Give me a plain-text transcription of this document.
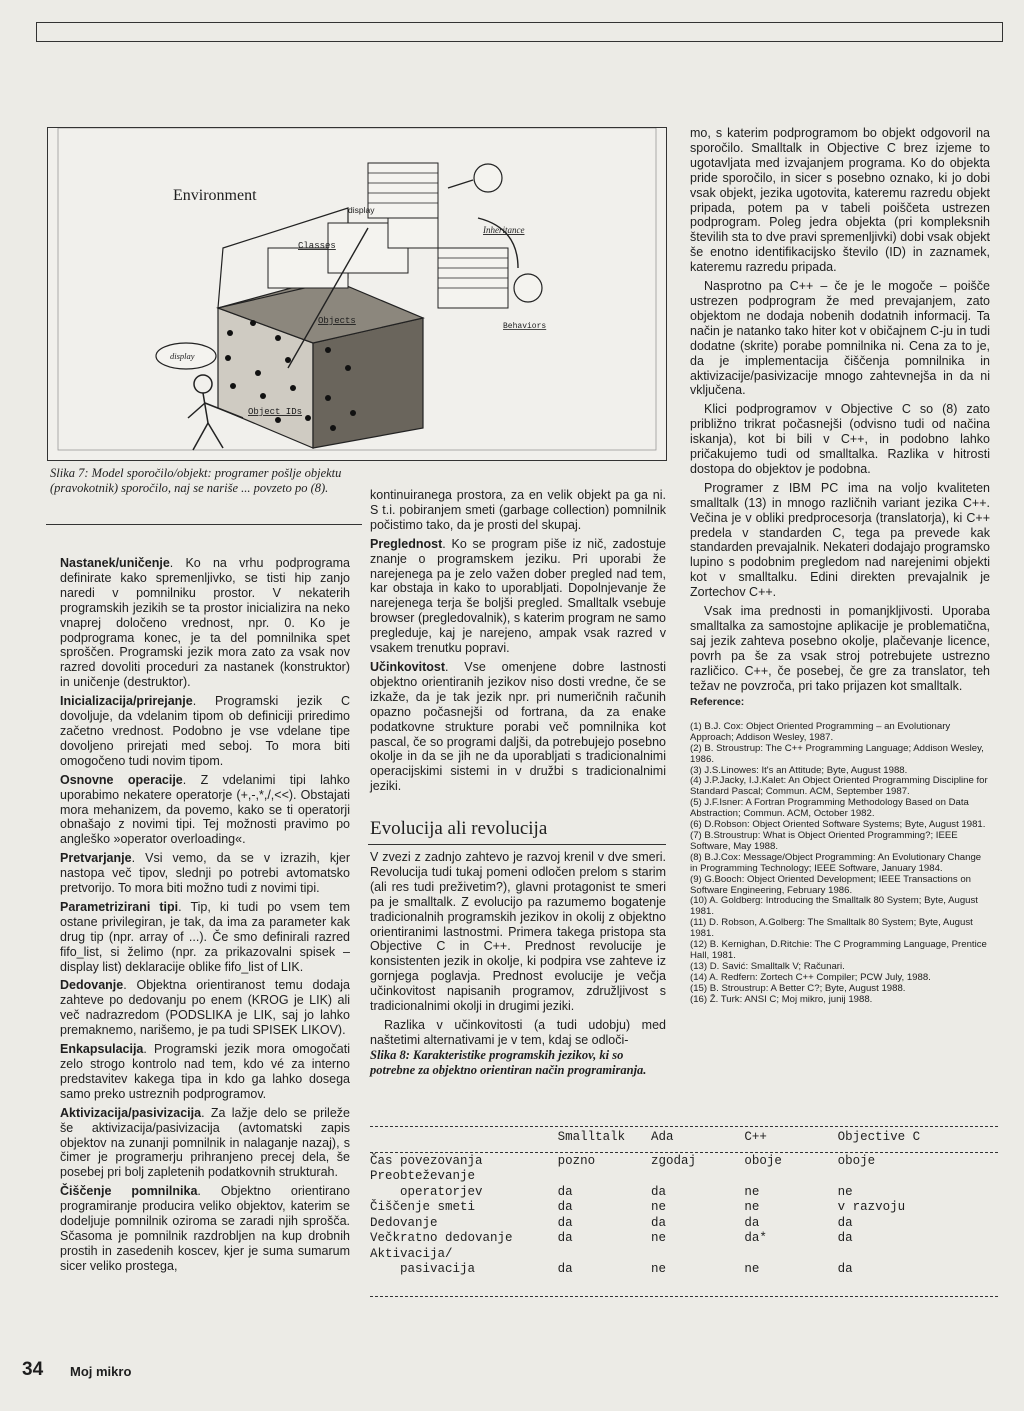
Environment
display
Classes
Inheritance
Objects
Behaviors
Object IDs
display
Slika 7: Model sporočilo/objekt: programer pošlje objektu (pravokotnik) sporočilo, naj se nariše ... povzeto po (8).

Nastanek/uničenje. Ko na vrhu podprograma definirate kako spremenljivko, se tisti hip zanjo naredi v pomnilniku prostor. V nekaterih programskih jezikih se ta prostor inicializira na neko vnaprej določeno vrednost, npr. 0. Ko je podprograma konec, je ta del pomnilnika spet sproščen. Programski jezik mora zato za vsak nov razred dovoliti proceduri za nastanek (konstruktor) in uničenje (destruktor).

Inicializacija/prirejanje. Programski jezik C dovoljuje, da vdelanim tipom ob definiciji priredimo začetno vrednost. Podobno je vse vdelane tipe dovoljeno prirejati med seboj. To mora biti omogočeno tudi novim tipom.

Osnovne operacije. Z vdelanimi tipi lahko uporabimo nekatere operatorje (+,-,*,/,<<). Obstajati mora mehanizem, da povemo, kako se ti operatorji obnašajo z novimi tipi. Tej možnosti pravimo po angleško »operator overloading«.

Pretvarjanje. Vsi vemo, da se v izrazih, kjer nastopa več tipov, slednji po potrebi avtomatsko pretvorijo. To mora biti možno tudi z novimi tipi.

Parametrizirani tipi. Tip, ki tudi po vsem tem ostane privilegiran, je tak, da ima za parameter kak drug tip (npr. array of ...). Če smo definirali razred fifo_list, si želimo (npr. za prikazovalni spisek – display list) deklaracije oblike fifo_list of LIK.

Dedovanje. Objektna orientiranost temu dodaja zahteve po dedovanju po enem (KROG je LIK) ali več nadrazredom (PODSLIKA je LIK, saj jo lahko premaknemo, narišemo, je pa tudi SPISEK LIKOV).

Enkapsulacija. Programski jezik mora omogočati zelo strogo kontrolo nad tem, kdo vé za interno predstavitev kakega tipa in kdo ga lahko dosega samo preko ustreznih podprogramov.

Aktivizacija/pasivizacija. Za lažje delo se prileže še aktivizacija/pasivizacija (avtomatski zapis objektov na zunanji pomnilnik in nalaganje nazaj), s čimer je programerju prihranjeno precej dela, še posebej pri bolj zapletenih podatkovnih strukturah.

Čiščenje pomnilnika. Objektno orientirano programiranje producira veliko objektov, katerim se dodeljuje pomnilnik oziroma se zaradi njih sprošča. Sčasoma je pomnilnik razdrobljen na kup drobnih prostih in zasedenih koscev, kjer je suma sumarum sicer veliko prostega,

kontinuiranega prostora, za en velik objekt pa ga ni. S t.i. pobiranjem smeti (garbage collection) pomnilnik počistimo tako, da je prosti del skupaj.

Preglednost. Ko se program piše iz nič, zadostuje znanje o programskem jeziku. Pri uporabi že narejenega pa je zelo važen dober pregled nad tem, kar obstaja in kako to uporabljati. Dopolnjevanje že narejenega terja še boljši pregled. Smalltalk vsebuje browser (pregledovalnik), s katerim program ne samo pregleduje, kaj je narejeno, ampak vsak razred v vsakem trenutku popravi.

Učinkovitost. Vse omenjene dobre lastnosti objektno orientiranih jezikov niso dosti vredne, če se izkaže, da je tak jezik npr. pri numeričnih računih opazno počasnejši od fortrana, da za enake podatkovne strukture porabi več pomnilnika kot pascal, če so programi daljši, da potrebujejo posebno okolje in da se jih ne da uporabljati s tradicionalnimi operacijskimi sistemi in v družbi s tradicionalnimi jeziki.

Evolucija ali revolucija

V zvezi z zadnjo zahtevo je razvoj krenil v dve smeri. Revolucija tudi tukaj pomeni odločen prelom s starim (ali res tudi preživetim?), glavni protagonist te smeri pa je smalltalk. Z evolucijo pa razumemo bogatenje tradicionalnih programskih jezikov in okolij z objektno orientiranimi lastnostmi. Primera takega pristopa sta Objective C in C++. Prednost revolucije je konsistenten jezik in okolje, ki podpira vse zahteve iz gornjega poglavja. Prednost evolucije je večja učinkovitost napisanih programov, združljivost s tradicionalnimi okolji in drugimi jeziki.

Razlika v učinkovitosti (a tudi udobju) med naštetimi alternativami je v tem, kdaj se odloči-

Slika 8: Karakteristike programskih jezikov, ki so potrebne za objektno orientiran način programiranja.

mo, s katerim podprogramom bo objekt odgovoril na sporočilo. Smalltalk in Objective C brez izjeme to ugotavljata med izvajanjem programa. Ko do objekta pride sporočilo, in sicer s posebno oznako, ki jo dobi vsak objekt, jezika ugotovita, kateremu razredu objekt pripada, potem pa v tabeli poiščeta ustrezen podprogram. Poleg jedra objekta (pri kompleksnih številih sta to dve pravi spremenljivki) dobi vsak objekt še enotno identifikacijsko število (ID) in zaznamek, kateremu razredu pripada.

Nasprotno pa C++ – če je le mogoče – poišče ustrezen podprogram že med prevajanjem, zato objektom ne dodaja nobenih dodatnih informacij. Ta način je natanko tako hiter kot v običajnem C-ju in tudi dodatne (skrite) porabe pomnilnika ni. Cena za to je, da je implementacija čiščenja pomnilnika in aktivizacije/pasivizacije mnogo zahtevnejša in da ni vključena.

Klici podprogramov v Objective C so (8) zato približno trikrat počasnejši (odvisno tudi od načina iskanja), kot bi bili v C++, in podobno lahko pričakujemo tudi od smalltalka. Razlika v hitrosti dostopa do objektov je podobna.

Programer z IBM PC ima na voljo kvaliteten smalltalk (13) in mnogo različnih variant jezika C++. Večina je v obliki predprocesorja (translatorja), ki C++ predela v standarden C, tega pa prevede kak standarden prevajalnik. Nekateri dodajajo programsko lupino s podobnim pregledom nad narejenimi objekti kot v smalltalku. Edini direkten prevajalnik je Zortechov C++.

Vsak ima prednosti in pomanjkljivosti. Uporaba smalltalka za samostojne aplikacije je problematična, saj jezik zahteva posebno okolje, plačevanje licence, povrh pa še za vsak stroj potrebujete ustrezno različico. C++, če posebej, če gre za translator, teh težav ne povzroča, pri tako prijazen kot smalltalk.

Reference:
(1) B.J. Cox: Object Oriented Programming – an Evolutionary Approach; Addison Wesley, 1987.
(2) B. Stroustrup: The C++ Programming Language; Addison Wesley, 1986.
(3) J.S.Linowes: It's an Attitude; Byte, August 1988.
(4) J.P.Jacky, I.J.Kalet: An Object Oriented Programming Discipline for Standard Pascal; Commun. ACM, September 1987.
(5) J.F.Isner: A Fortran Programming Methodology Based on Data Abstraction; Commun. ACM, October 1982.
(6) D.Robson: Object Oriented Software Systems; Byte, August 1981.
(7) B.Stroustrup: What is Object Oriented Programming?; IEEE Software, May 1988.
(8) B.J.Cox: Message/Object Programming: An Evolutionary Change in Programming Technology; IEEE Software, January 1984.
(9) G.Booch: Object Oriented Development; IEEE Transactions on Software Engineering, February 1986.
(10) A. Goldberg: Introducing the Smalltalk 80 System; Byte, August 1981.
(11) D. Robson, A.Golberg: The Smalltalk 80 System; Byte, August 1981.
(12) B. Kernighan, D.Ritchie: The C Programming Language, Prentice Hall, 1981.
(13) D. Savić: Smalltalk V; Računari.
(14) A. Redfern: Zortech C++ Compiler; PCW July, 1988.
(15) B. Stroustrup: A Better C?; Byte, August 1988.
(16) Ž. Turk: ANSI C; Moj mikro, junij 1988.
	Smalltalk	Ada	C++	Objective C

Čas povezovanja	pozno	zgodaj	oboje	oboje
Preobteževanje				
operatorjev	da	da	ne	ne
Čiščenje smeti	da	ne	ne	v razvoju
Dedovanje	da	da	da	da
Večkratno dedovanje	da	ne	da*	da
Aktivacija/				
pasivacija	da	ne	ne	da
34 Moj mikro
